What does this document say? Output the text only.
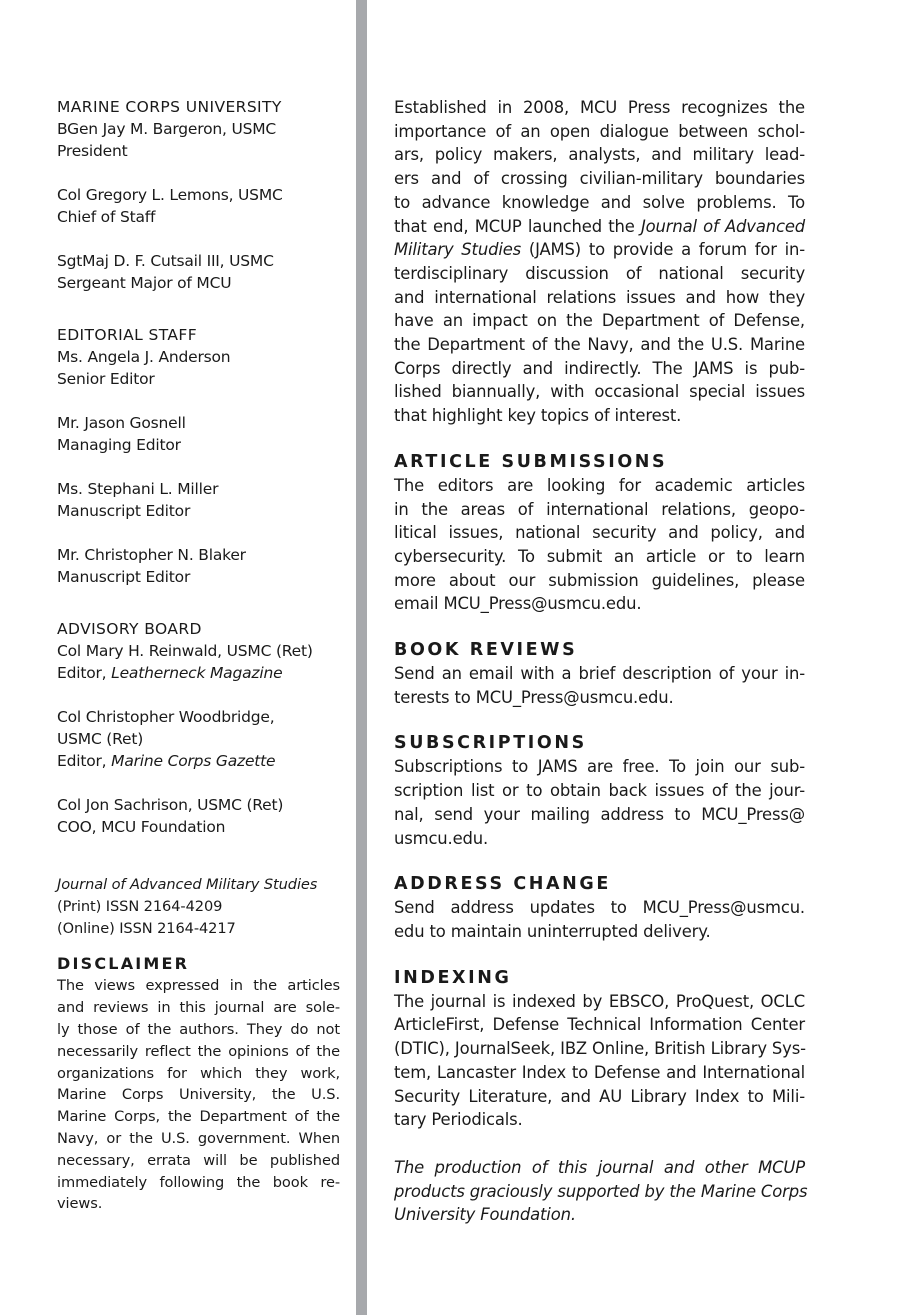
MARINE CORPS UNIVERSITY
BGen Jay M. Bargeron, USMC
President
Col Gregory L. Lemons, USMC
Chief of Staff
SgtMaj D. F. Cutsail III, USMC
Sergeant Major of MCU
EDITORIAL STAFF
Ms. Angela J. Anderson
Senior Editor
Mr. Jason Gosnell
Managing Editor
Ms. Stephani L. Miller
Manuscript Editor
Mr. Christopher N. Blaker
Manuscript Editor
ADVISORY BOARD
Col Mary H. Reinwald, USMC (Ret)
Editor, Leatherneck Magazine
Col Christopher Woodbridge,
USMC (Ret)
Editor, Marine Corps Gazette
Col Jon Sachrison, USMC (Ret)
COO, MCU Foundation
Journal of Advanced Military Studies
(Print) ISSN 2164-4209
(Online) ISSN 2164-4217
DISCLAIMER
The views expressed in the articles
and reviews in this journal are sole-
ly those of the authors. They do not
necessarily reflect the opinions of the
organizations for which they work,
Marine Corps University, the U.S.
Marine Corps, the Department of the
Navy, or the U.S. government. When
necessary, errata will be published
immediately following the book re-
views.
Established in 2008, MCU Press recognizes the
importance of an open dialogue between schol-
ars, policy makers, analysts, and military lead-
ers and of crossing civilian-military boundaries
to advance knowledge and solve problems. To
that end, MCUP launched the Journal of Advanced
Military Studies (JAMS) to provide a forum for in-
terdisciplinary discussion of national security
and international relations issues and how they
have an impact on the Department of Defense,
the Department of the Navy, and the U.S. Marine
Corps directly and indirectly. The JAMS is pub-
lished biannually, with occasional special issues
that highlight key topics of interest.
ARTICLE SUBMISSIONS
The editors are looking for academic articles
in the areas of international relations, geopo-
litical issues, national security and policy, and
cybersecurity. To submit an article or to learn
more about our submission guidelines, please
email MCU_Press@usmcu.edu.
BOOK REVIEWS
Send an email with a brief description of your in-
terests to MCU_Press@usmcu.edu.
SUBSCRIPTIONS
Subscriptions to JAMS are free. To join our sub-
scription list or to obtain back issues of the jour-
nal, send your mailing address to MCU_Press@
usmcu.edu.
ADDRESS CHANGE
Send address updates to MCU_Press@usmcu.
edu to maintain uninterrupted delivery.
INDEXING
The journal is indexed by EBSCO, ProQuest, OCLC
ArticleFirst, Defense Technical Information Center
(DTIC), JournalSeek, IBZ Online, British Library Sys-
tem, Lancaster Index to Defense and International
Security Literature, and AU Library Index to Mili-
tary Periodicals.
The production of this journal and other MCUP
products graciously supported by the Marine Corps
University Foundation.
